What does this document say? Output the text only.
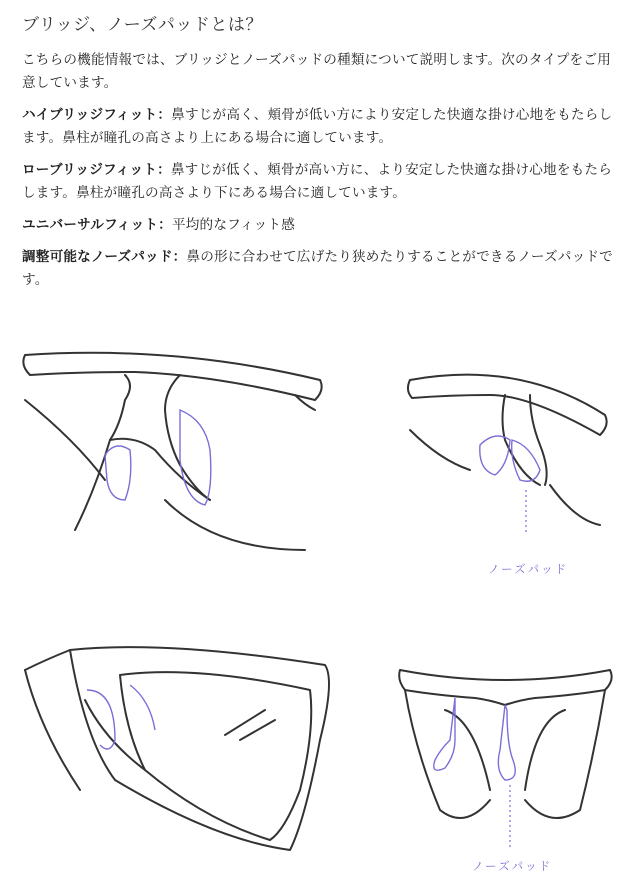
ブリッジ、ノーズパッドとは？

こちらの機能情報では、ブリッジとノーズパッドの種類について説明します。次のタイプをご用意しています。

ハイブリッジフィット：鼻すじが高く、頬骨が低い方により安定した快適な掛け心地をもたらします。鼻柱が瞳孔の高さより上にある場合に適しています。

ローブリッジフィット：鼻すじが低く、頬骨が高い方に、より安定した快適な掛け心地をもたらします。鼻柱が瞳孔の高さより下にある場合に適しています。

ユニバーサルフィット：平均的なフィット感

調整可能なノーズパッド：鼻の形に合わせて広げたり狭めたりすることができるノーズパッドです。

ノーズパッド
ノーズパッド
